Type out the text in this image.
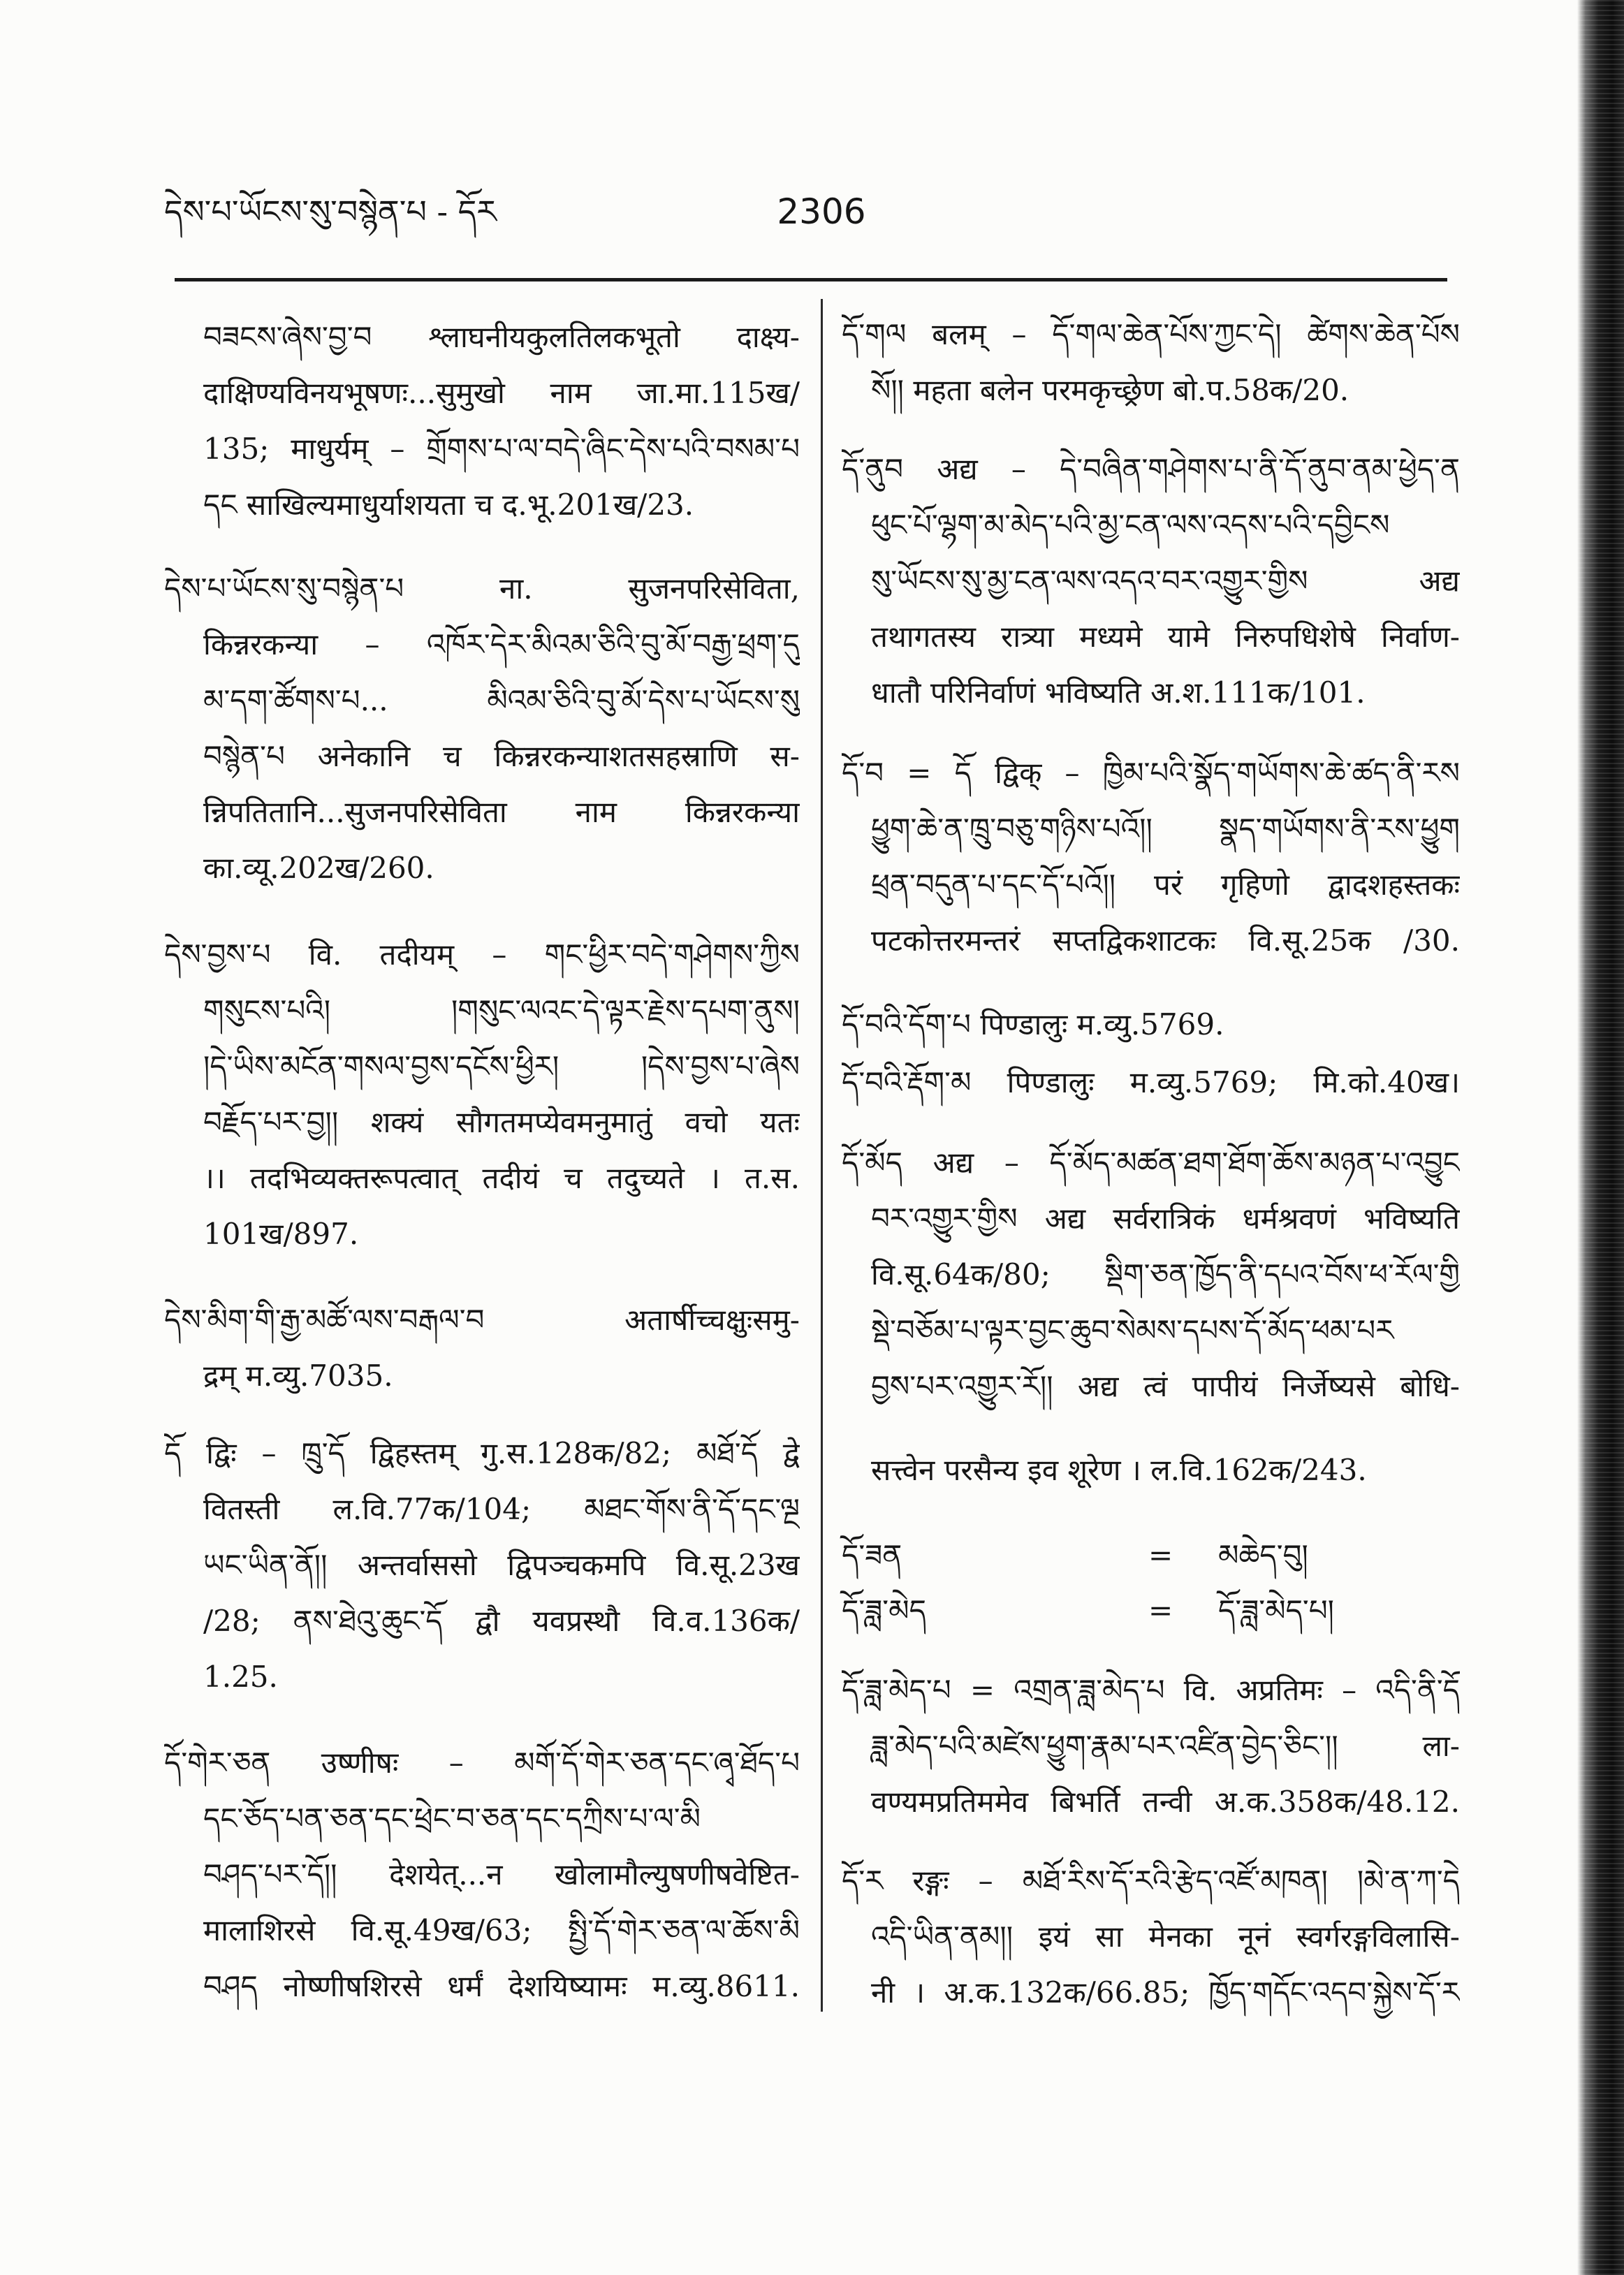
དེས་པ་ཡོངས་སུ་བསྙེན་པ - དོར	2306
བཟངས་ཞེས་བྱ་བ श्लाघनीयकुलतिलकभूतो दाक्ष्य-
दाक्षिण्यविनयभूषणः...सुमुखो नाम जा.मा.115ख/
135; माधुर्यम् – གྲོགས་པ་ལ་བདེ་ཞིང་དེས་པའི་བསམ་པ
དང साखिल्यमाधुर्याशयता च द.भू.201ख/23.
དེས་པ་ཡོངས་སུ་བསྙེན་པ ना. सुजनपरिसेविता,
किन्नरकन्या – འཁོར་དེར་མིའམ་ཅིའི་བུ་མོ་བརྒྱ་ཕྲག་དུ
མ་དག་ཚོགས་པ... མིའམ་ཅིའི་བུ་མོ་དེས་པ་ཡོངས་སུ
བསྙེན་པ अनेकानि च किन्नरकन्याशतसहस्राणि स-
न्निपतितानि...सुजनपरिसेविता नाम किन्नरकन्या
का.व्यू.202ख/260.
དེས་བྱས་པ वि. तदीयम् – གང་ཕྱིར་བདེ་གཤེགས་ཀྱིས
གསུངས་པའི། །གསུང་ལའང་དེ་ལྟར་རྗེས་དཔག་ནུས།
།དེ་ཡིས་མངོན་གསལ་བྱས་དངོས་ཕྱིར། །དེས་བྱས་པ་ཞེས
བརྗོད་པར་བྱ།། शक्यं सौगतमप्येवमनुमातुं वचो यतः
।। तदभिव्यक्तरूपत्वात् तदीयं च तदुच्यते । त.स.
101ख/897.
དེས་མིག་གི་རྒྱ་མཚོ་ལས་བརྒལ་བ अतार्षीच्चक्षुःसमु-
द्रम् म.व्यु.7035.
དོ द्विः – ཁྲུ་དོ द्विहस्तम् गु.स.128क/82; མཐོ་དོ द्वे
वितस्ती ल.वि.77क/104; མཐང་གོས་ནི་དོ་དང་ལྔ
ཡང་ཡིན་ནོ།། अन्तर्वाससो द्विपञ्चकमपि वि.सू.23ख
/28; ནས་ཐེའུ་ཆུང་དོ द्वौ यवप्रस्थौ वि.व.136क/
1.25.
དོ་གེར་ཅན उष्णीषः – མགོ་དོ་གེར་ཅན་དང་ཞྭ་ཐོད་པ
དང་ཅོད་པན་ཅན་དང་ཕྲེང་བ་ཅན་དང་དཀྲིས་པ་ལ་མི
བཤད་པར་དོ།། देशयेत्...न खोलामौल्युषणीषवेष्टित-
मालाशिरसे वि.सू.49ख/63; སྤྱི་དོ་གེར་ཅན་ལ་ཆོས་མི
བཤད नोष्णीषशिरसे धर्मं देशयिष्यामः म.व्यु.8611.
དོ་གལ बलम् – དོ་གལ་ཆེན་པོས་ཀྱང་དེ། ཚེགས་ཆེན་པོས
སོ།། महता बलेन परमकृच्छ्रेण बो.प.58क/20.
དོ་ནུབ अद्य – དེ་བཞིན་གཤེགས་པ་ནི་དོ་ནུབ་ནམ་ཕྱེད་ན
ཕུང་པོ་ལྷག་མ་མེད་པའི་མྱ་ངན་ལས་འདས་པའི་དབྱིངས
སུ་ཡོངས་སུ་མྱ་ངན་ལས་འདའ་བར་འགྱུར་གྱིས अद्य
तथागतस्य रात्र्या मध्यमे यामे निरुपधिशेषे निर्वाण-
धातौ परिनिर्वाणं भविष्यति अ.श.111क/101.
དོ་བ = དོ द्विक् – ཁྱིམ་པའི་སྣོད་གཡོགས་ཆེ་ཚད་ནི་རས
ཕྱུག་ཆེ་ན་ཁྲུ་བཅུ་གཉིས་པའོ།། སྣད་གཡོགས་ནི་རས་ཕྱུག
ཕྲན་བདུན་པ་དང་དོ་པའོ།། परं गृहिणो द्वादशहस्तकः
पटकोत्तरमन्तरं सप्तद्विकशाटकः वि.सू.25क /30.
དོ་བའི་དོག་པ पिण्डालुः म.व्यु.5769.
དོ་བའི་རྡོག་མ पिण्डालुः म.व्यु.5769; मि.को.40ख।
དོ་མོད अद्य – དོ་མོད་མཚན་ཐག་ཐོག་ཆོས་མཉན་པ་འབྱུང
བར་འགྱུར་གྱིས अद्य सर्वरात्रिकं धर्मश्रवणं भविष्यति
वि.सू.64क/80; སྡིག་ཅན་ཁྱོད་ནི་དཔའ་བོས་ཕ་རོལ་གྱི
སྡེ་བཅོམ་པ་ལྟར་བྱང་ཆུབ་སེམས་དཔས་དོ་མོད་ཕམ་པར
བྱས་པར་འགྱུར་རོ།། अद्य त्वं पापीयं निर्जेष्यसे बोधि-
सत्त्वेन परसैन्य इव शूरेण । ल.वि.162क/243.
དོ་ཟན	= མཆེད་བུ།
དོ་ཟླ་མེད	= དོ་ཟླ་མེད་པ།
དོ་ཟླ་མེད་པ = འགྲན་ཟླ་མེད་པ वि. अप्रतिमः – འདི་ནི་དོ
ཟླ་མེད་པའི་མཛེས་ཕྱུག་རྣམ་པར་འཛིན་བྱེད་ཅིང་།། ला-
वण्यमप्रतिममेव बिभर्ति तन्वी अ.क.358क/48.12.
དོ་ར रङ्गः – མཐོ་རིས་དོ་རའི་རྩེད་འཛོ་མཁན། །མེ་ན་ཀ་དེ
འདི་ཡིན་ནམ།། इयं सा मेनका नूनं स्वर्गरङ्गविलासि-
नी । अ.क.132क/66.85; ཁྱོད་གདོང་འདབ་སྐྱེས་དོ་ར
